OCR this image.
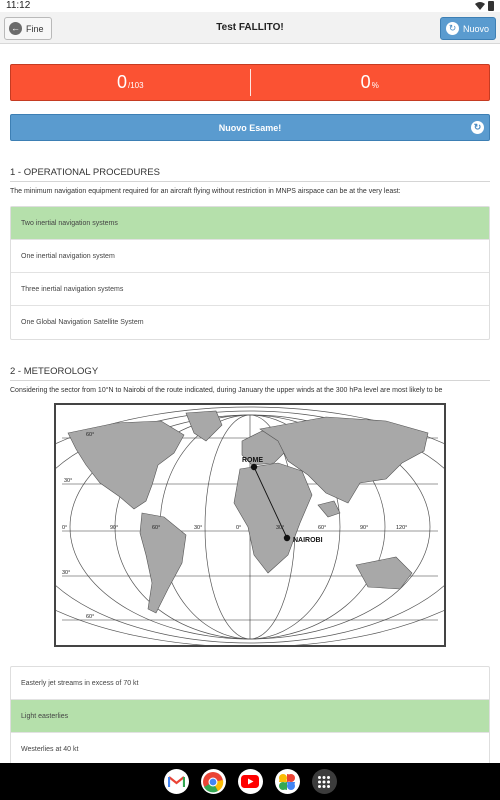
11:12
← Fine	Test FALLITO!	↻ Nuovo
0 /103	0 %
Nuovo Esame!	↻
1 - OPERATIONAL PROCEDURES
The minimum navigation equipment required for an aircraft flying without restriction in MNPS airspace can be at the very least:
Two inertial navigation systems
One inertial navigation system
Three inertial navigation systems
One Global Navigation Satellite System
2 - METEOROLOGY
Considering the sector from 10°N to Nairobi of the route indicated, during January the upper winds at the 300 hPa level are most likely to be
ROME
NAIROBI
60°
30°
0°
30°
60°
90°	60°	30°	0°	30°	60°	90°	120°
Easterly jet streams in excess of 70 kt
Light easterlies
Westerlies at 40 kt
